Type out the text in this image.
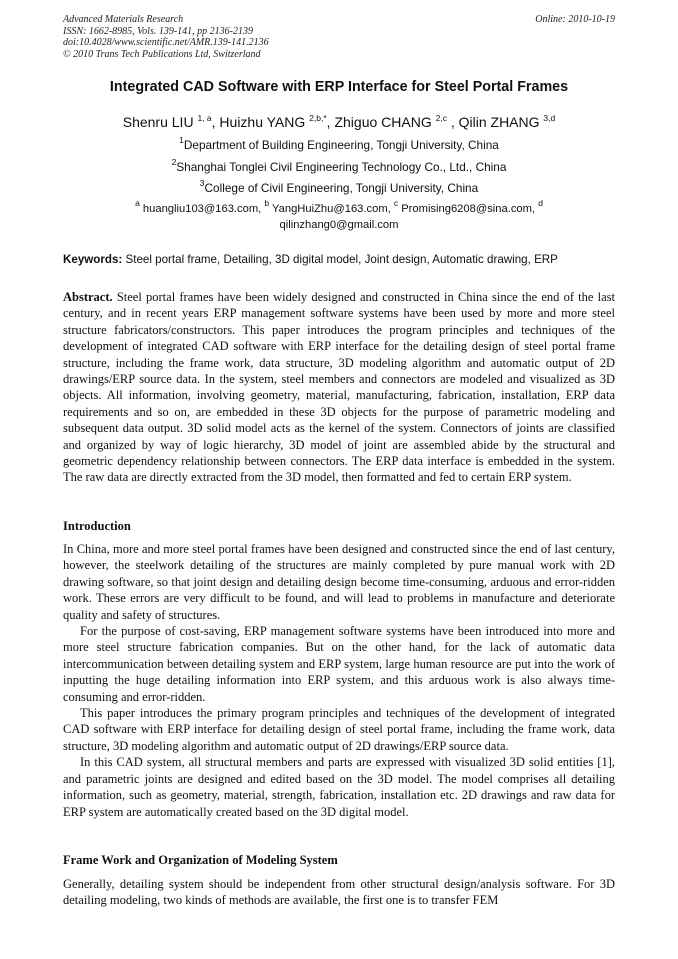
Advanced Materials Research
ISSN: 1662-8985, Vols. 139-141, pp 2136-2139
doi:10.4028/www.scientific.net/AMR.139-141.2136
© 2010 Trans Tech Publications Ltd, Switzerland
Online: 2010-10-19
Integrated CAD Software with ERP Interface for Steel Portal Frames
Shenru LIU $^{1, a}$, Huizhu YANG $^{2,b,*}$, Zhiguo CHANG $^{2,c}$ , Qilin ZHANG $^{3,d}$
$^1$Department of Building Engineering, Tongji University, China
$^2$Shanghai Tonglei Civil Engineering Technology Co., Ltd., China
$^3$College of Civil Engineering, Tongji University, China
$^a$ huangliu103@163.com, $^b$ YangHuiZhu@163.com, $^c$ Promising6208@sina.com, $^d$
qilinzhang0@gmail.com
Keywords: Steel portal frame, Detailing, 3D digital model, Joint design, Automatic drawing, ERP
Abstract. Steel portal frames have been widely designed and constructed in China since the end of the last century, and in recent years ERP management software systems have been used by more and more steel structure fabricators/constructors. This paper introduces the program principles and techniques of the development of integrated CAD software with ERP interface for the detailing design of steel portal frame structure, including the frame work, data structure, 3D modeling algorithm and automatic output of 2D drawings/ERP source data. In the system, steel members and connectors are modeled and visualized as 3D objects. All information, involving geometry, material, manufacturing, fabrication, installation, ERP data requirements and so on, are embedded in these 3D objects for the purpose of parametric modeling and subsequent data output. 3D solid model acts as the kernel of the system. Connectors of joints are classified and organized by way of logic hierarchy, 3D model of joint are assembled abide by the structural and geometric dependency relationship between connectors. The ERP data interface is embedded in the system. The raw data are directly extracted from the 3D model, then formatted and fed to certain ERP system.
Introduction

In China, more and more steel portal frames have been designed and constructed since the end of last century, however, the steelwork detailing of the structures are mainly completed by pure manual work with 2D drawing software, so that joint design and detailing design become time-consuming, arduous and error-ridden work. These errors are very difficult to be found, and will lead to problems in manufacture and deteriorate quality and safety of structures.

For the purpose of cost-saving, ERP management software systems have been introduced into more and more steel structure fabrication companies. But on the other hand, for the lack of automatic data intercommunication between detailing system and ERP system, large human resource are put into the work of inputting the huge detailing information into ERP system, and this arduous work is also always time-consuming and error-ridden.

This paper introduces the primary program principles and techniques of the development of integrated CAD software with ERP interface for detailing design of steel portal frame, including the frame work, data structure, 3D modeling algorithm and automatic output of 2D drawings/ERP source data.

In this CAD system, all structural members and parts are expressed with visualized 3D solid entities [1], and parametric joints are designed and edited based on the 3D model. The model comprises all detailing information, such as geometry, material, strength, fabrication, installation etc. 2D drawings and raw data for ERP system are automatically created based on the 3D digital model.

Frame Work and Organization of Modeling System

Generally, detailing system should be independent from other structural design/analysis software. For 3D detailing modeling, two kinds of methods are available, the first one is to transfer FEM
